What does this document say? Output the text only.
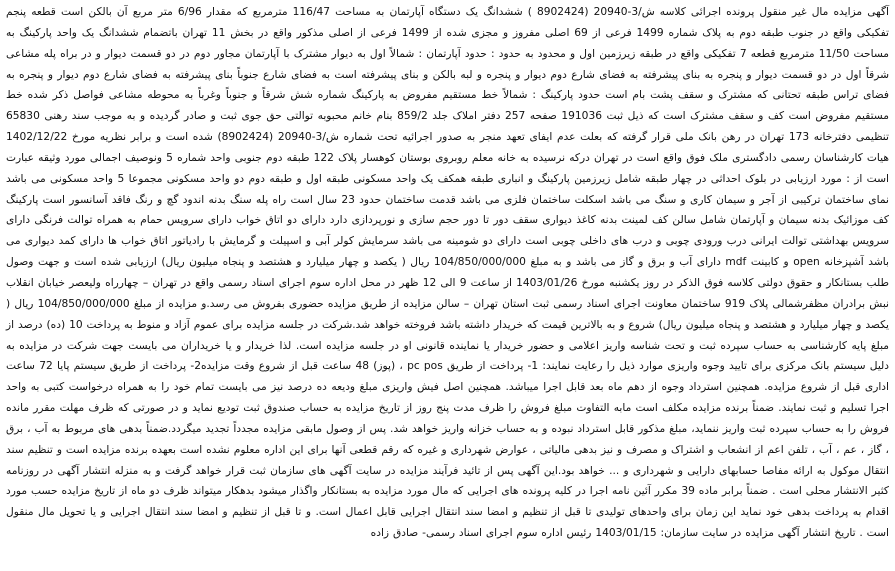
آگهی مزایده مال غیر منقول پرونده اجرائی کلاسه ش/3-20940 (8902424 ) ششدانگ یک دستگاه آپارتمان به مساحت 116/47 مترمربع که مقدار 6/96 متر مربع آن بالکن است قطعه پنجم تفکیکی واقع در جنوب طبقه دوم به پلاک شماره 1499 فرعی از 69 اصلی مفروز و مجزی شده از 1499 فرعی از اصلی مذکور واقع در بخش 11 تهران باتضمام ششدانگ یک واحد پارکینگ به مساحت 11/50 مترمربع قطعه 7 تفکیکی واقع در طبقه زیرزمین اول و محدود به حدود : حدود آپارتمان : شمالاً اول به دیوار مشترک با آپارتمان مجاور دوم در دو قسمت دیوار و در براه پله مشاعی شرقاً اول در دو قسمت دیوار و پنجره به بنای پیشرفته به فضای شارع دوم دیوار و پنجره و لبه بالکن و بنای پیشرفته است به فضای شارع جنوباً بنای پیشرفته به فضای شارع دوم دیوار و پنجره به فضای تراس طبقه تحتانی که مشترک و سقف پشت بام است حدود پارکینگ : شمالاً خط مستقیم مفروض به پارکینگ شماره شش شرقاً و جنوباً وغرباً به محوطه مشاعی فواصل ذکر شده خط مستقیم مفروض است کف و سقف مشترک است که ذیل ثبت 191036 صفحه 257 دفتر املاک جلد 859/2 بنام خانم محبوبه توالتی حق جوی ثبت و صادر گردیده و به موجب سند رهنی 65830 تنظیمی دفترخانه 173 تهران در رهن بانک ملی قرار گرفته که بعلت عدم ایفای تعهد منجر به صدور اجرائیه تحت شماره ش/3-20940 (8902424) شده است و برابر نظریه مورخ 1402/12/22 هیات کارشناسان رسمی دادگستری ملک فوق واقع است در تهران درکه نرسیده به خانه معلم روبروی بوستان کوهسار پلاک 122 طبقه دوم جنوبی واحد شماره 5 ونوصیف اجمالی مورد وثیقه عبارت است از : مورد ارزیابی در بلوک احداثی در چهار طبقه شامل زیرزمین پارکینگ و انباری طبقه همکف یک واحد مسکونی طبقه اول و طبقه دوم دو واحد مسکونی مجموعا 5 واحد مسکونی می باشد نمای ساختمان ترکیبی از آجر و سیمان کاری و سنگ می باشد اسکلت ساختمان فلزی می باشد قدمت ساختمان حدود 23 سال است راه پله سنگ بدنه اندود گچ و رنگ فاقد آسانسور است پارکینگ کف موزائیک بدنه سیمان و آپارتمان شامل سالن کف لمینت بدنه کاغذ دیواری سقف دور تا دور حجم سازی و نورپردازی دارد دارای دو اتاق خواب دارای سرویس حمام به همراه توالت فرنگی دارای سرویس بهداشتی توالت ایرانی درب ورودی چوبی و درب های داخلی چوبی است دارای دو شومینه می باشد سرمایش کولر آبی و اسپیلت و گرمایش با رادیاتور اتاق خواب ها دارای کمد دیواری می باشد آشپزخانه open و کابینت mdf دارای آب و برق و گاز می باشد و به مبلغ 104/850/000/000 ریال ( یکصد و چهار میلیارد و هشتصد و پنجاه میلیون ریال) ارزیابی شده است و جهت وصول طلب بستانکار و حقوق دولتی کلاسه فوق الذکر در روز یکشنبه مورخ 1403/01/26 از ساعت 9 الی 12 ظهر در محل اداره سوم اجرای اسناد رسمی واقع در تهران – چهارراه ولیعصر خیابان انقلاب نبش برادران مظفرشمالی پلاک 919 ساختمان معاونت اجرای اسناد رسمی ثبت استان تهران – سالن مزایده از طریق مزایده حضوری بفروش می رسد.و مزایده از مبلغ 104/850/000/000 ریال ( یکصد و چهار میلیارد و هشتصد و پنجاه میلیون ریال) شروع و به بالاترین قیمت که خریدار داشته باشد فروخته خواهد شد.شرکت در جلسه مزایده برای عموم آزاد و منوط به پرداخت 10 (ده) درصد از مبلغ پایه کارشناسی به حساب سپرده ثبت و تحت شناسه واریز اعلامی و حضور خریدار یا نماینده قانونی او در جلسه مزایده است. لذا خریدار و یا خریداران می بایست جهت شرکت در مزایده به دلیل سیستم بانک مرکزی برای تایید وجوه واریزی موارد ذیل را رعایت نمایند: 1- پرداخت از طریق pc pos ، (پوز) 48 ساعت قبل از شروع وقت مزایده2- پرداخت از طریق سیستم پایا 72 ساعت اداری قبل از شروع مزایده. همچنین استرداد وجوه از دهم ماه بعد قابل اجرا میباشد. همچنین اصل فیش واریزی مبلغ ودیعه ده درصد نیز می بایست تمام خود را به همراه درخواست کتبی به واحد اجرا تسلیم و ثبت نمایند. ضمناً برنده مزایده مکلف است مابه التفاوت مبلغ فروش را ظرف مدت پنج روز از تاریخ مزایده به حساب صندوق ثبت تودیع نماید و در صورتی که ظرف مهلت مقرر مانده فروش را به حساب سپرده ثبت واریز ننماید، مبلغ مذکور قابل استرداد نبوده و به حساب خزانه واریز خواهد شد. پس از وصول مابقی مزایده مجدداً تجدید میگردد.ضمناً بدهی های مربوط به آب ، برق ، گاز ، عم ، آب ، تلفن اعم از انشعاب و اشتراک و مصرف و نیز بدهی مالیاتی ، عوارض شهرداری و غیره که رقم قطعی آنها برای این اداره معلوم نشده است بعهده برنده مزایده است و تنظیم سند انتقال موکول به ارائه مفاصا حسابهای دارایی و شهرداری و ... خواهد بود.این آگهی پس از تائید فرآیند مزایده در سایت آگهی های سازمان ثبت قرار خواهد گرفت و به منزله انتشار آگهی در روزنامه کثیر الانتشار محلی است . ضمناً برابر ماده 39 مکرر آئین نامه اجرا در کلیه پرونده های اجرایی که مال مورد مزایده به بستانکار واگذار میشود بدهکار میتواند ظرف دو ماه از تاریخ مزایده حسب مورد اقدام به پرداخت بدهی خود نماید این زمان برای واحدهای تولیدی تا قبل از تنظیم و امضا سند انتقال اجرایی قابل اعمال است. و تا قبل از تنظیم و امضا سند انتقال اجرایی و یا تحویل مال منقول است . تاریخ انتشار آگهی مزایده در سایت سازمان: 1403/01/15 رئیس اداره سوم اجرای اسناد رسمی- صادق زاده
